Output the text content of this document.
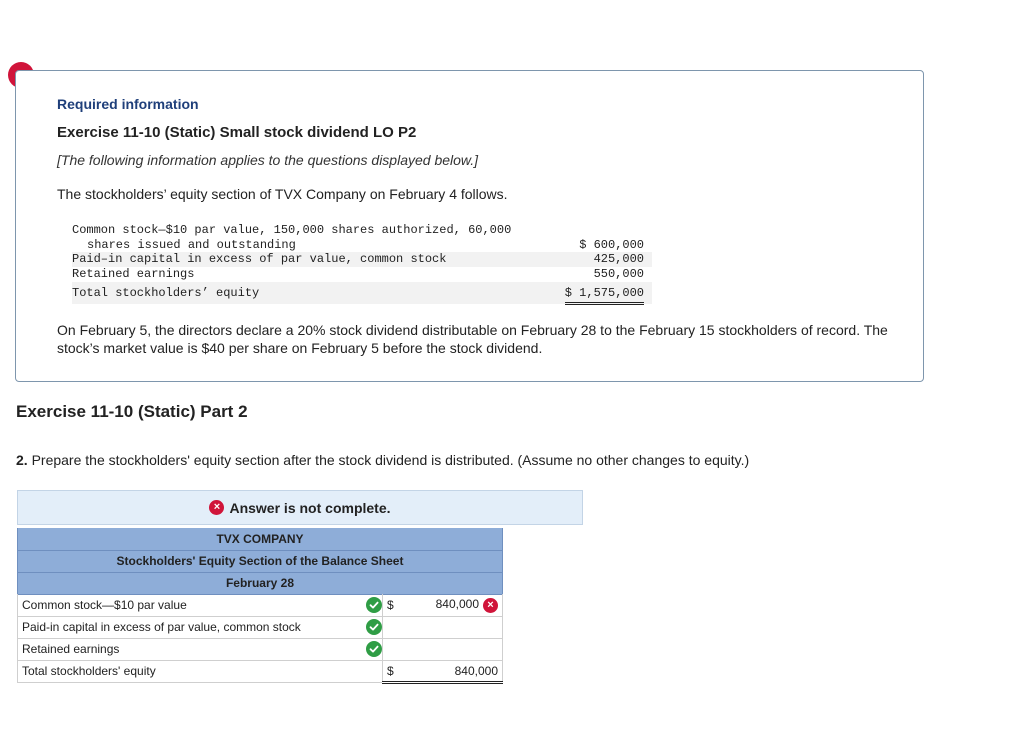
Required information
Exercise 11-10 (Static) Small stock dividend LO P2
[The following information applies to the questions displayed below.]
The stockholders’ equity section of TVX Company on February 4 follows.
Common stock—$10 par value, 150,000 shares authorized, 60,000
shares issued and outstanding	$ 600,000
Paid–in capital in excess of par value, common stock	425,000
Retained earnings	550,000
Total stockholders’ equity	$ 1,575,000
On February 5, the directors declare a 20% stock dividend distributable on February 28 to the February 15 stockholders of record. The stock’s market value is $40 per share on February 5 before the stock dividend.
Exercise 11-10 (Static) Part 2
2. Prepare the stockholders' equity section after the stock dividend is distributed. (Assume no other changes to equity.)
× Answer is not complete.
TVX COMPANY			
Stockholders' Equity Section of the Balance Sheet			
February 28			
Common stock—$10 par value		$	840,000 ×
Paid-in capital in excess of par value, common stock	

Retained earnings	

Total stockholders' equity		$	840,000
